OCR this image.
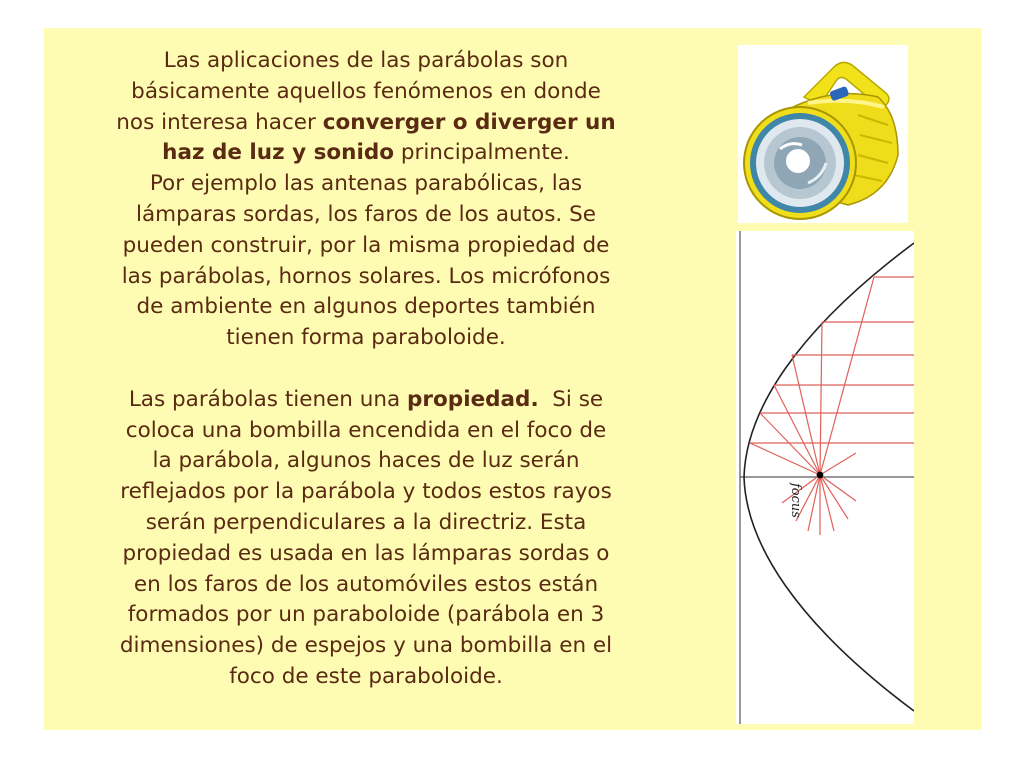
Las aplicaciones de las parábolas son
básicamente aquellos fenómenos en donde
nos interesa hacer converger o diverger un
haz de luz y sonido principalmente.
Por ejemplo las antenas parabólicas, las
lámparas sordas, los faros de los autos. Se
pueden construir, por la misma propiedad de
las parábolas, hornos solares. Los micrófonos
de ambiente en algunos deportes también
tienen forma paraboloide.

Las parábolas tienen una propiedad.  Si se
coloca una bombilla encendida en el foco de
la parábola, algunos haces de luz serán
reflejados por la parábola y todos estos rayos
serán perpendiculares a la directriz. Esta
propiedad es usada en las lámparas sordas o
en los faros de los automóviles estos están
formados por un paraboloide (parábola en 3
dimensiones) de espejos y una bombilla en el
foco de este paraboloide.

focus
